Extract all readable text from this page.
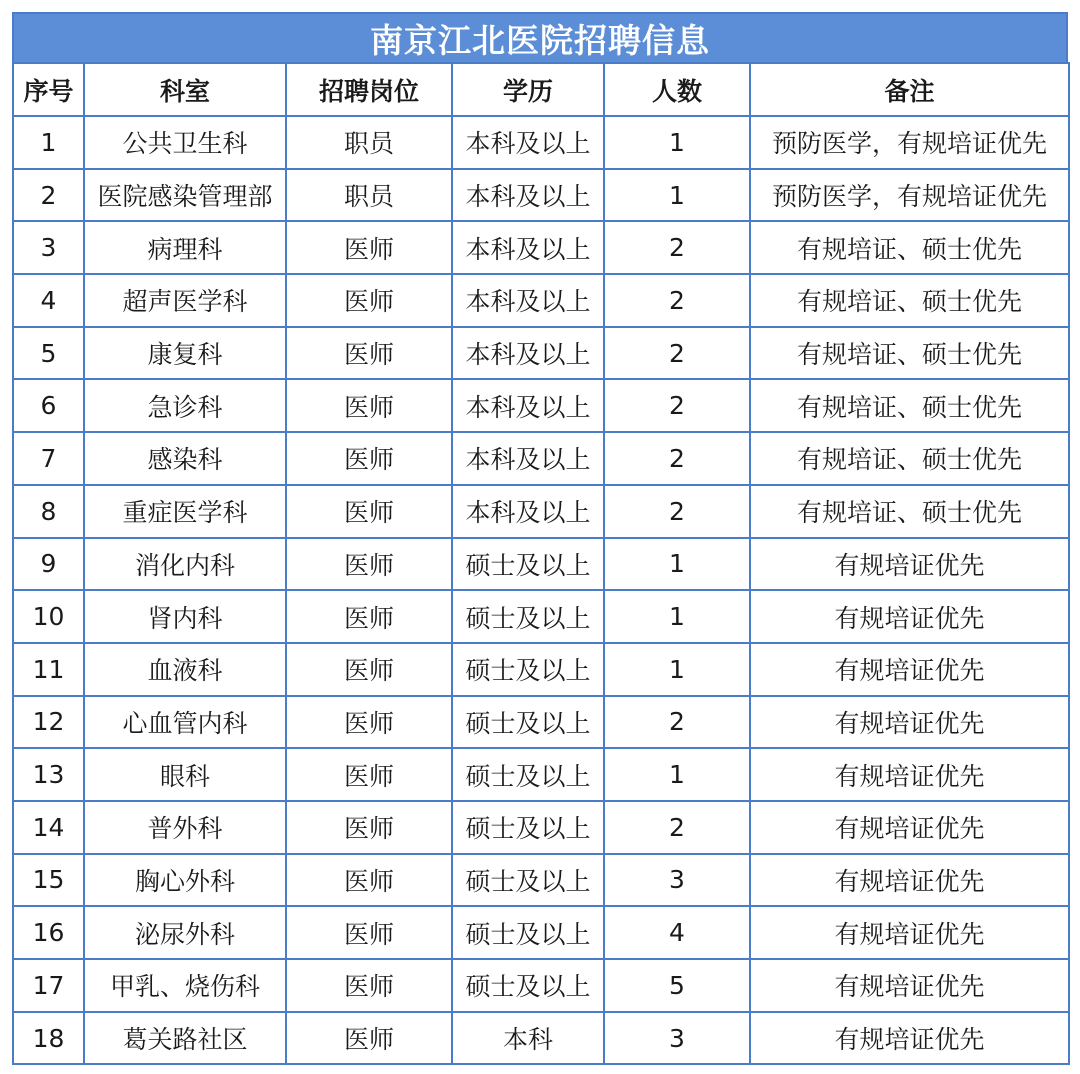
南京江北医院招聘信息
序号	科室	招聘岗位	学历	人数	备注
1	公共卫生科	职员	本科及以上	1	预防医学，有规培证优先
2	医院感染管理部	职员	本科及以上	1	预防医学，有规培证优先
3	病理科	医师	本科及以上	2	有规培证、硕士优先
4	超声医学科	医师	本科及以上	2	有规培证、硕士优先
5	康复科	医师	本科及以上	2	有规培证、硕士优先
6	急诊科	医师	本科及以上	2	有规培证、硕士优先
7	感染科	医师	本科及以上	2	有规培证、硕士优先
8	重症医学科	医师	本科及以上	2	有规培证、硕士优先
9	消化内科	医师	硕士及以上	1	有规培证优先
10	肾内科	医师	硕士及以上	1	有规培证优先
11	血液科	医师	硕士及以上	1	有规培证优先
12	心血管内科	医师	硕士及以上	2	有规培证优先
13	眼科	医师	硕士及以上	1	有规培证优先
14	普外科	医师	硕士及以上	2	有规培证优先
15	胸心外科	医师	硕士及以上	3	有规培证优先
16	泌尿外科	医师	硕士及以上	4	有规培证优先
17	甲乳、烧伤科	医师	硕士及以上	5	有规培证优先
18	葛关路社区	医师	本科	3	有规培证优先
